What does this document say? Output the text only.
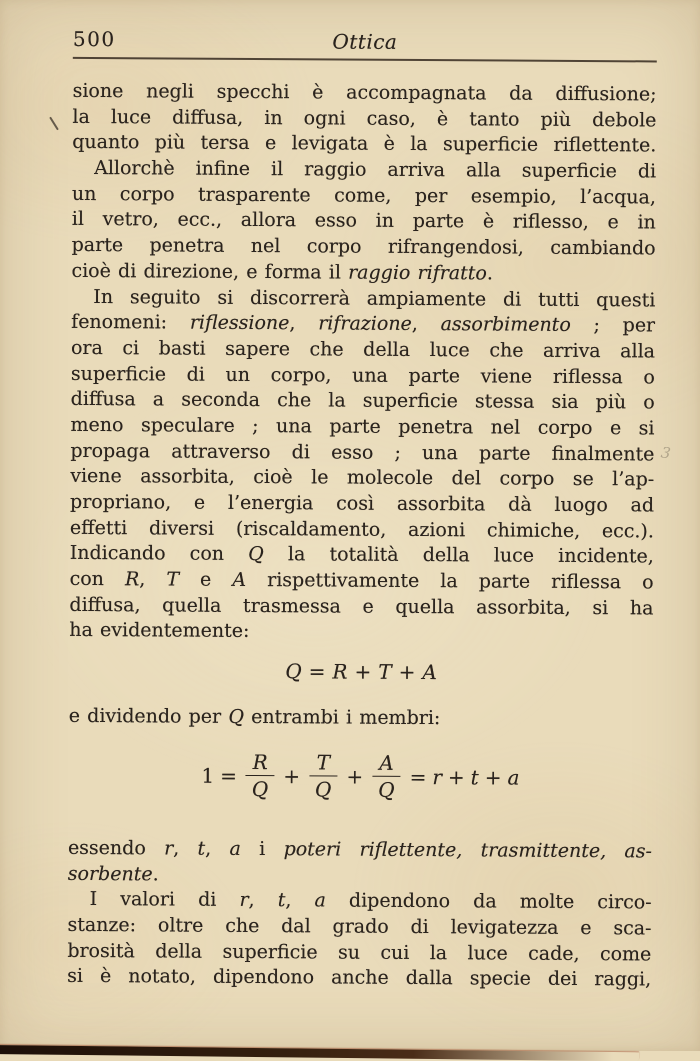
500	Ottica
sione negli specchi è accompagnata da diffusione;
la luce diffusa, in ogni caso, è tanto più debole
quanto più tersa e levigata è la superficie riflettente.
Allorchè infine il raggio arriva alla superficie di
un corpo trasparente come, per esempio, l’acqua,
il vetro, ecc., allora esso in parte è riflesso, e in
parte penetra nel corpo rifrangendosi, cambiando
cioè di direzione, e forma il raggio rifratto.
In seguito si discorrerà ampiamente di tutti questi
fenomeni: riflessione, rifrazione, assorbimento ; per
ora ci basti sapere che della luce che arriva alla
superficie di un corpo, una parte viene riflessa o
diffusa a seconda che la superficie stessa sia più o
meno speculare ; una parte penetra nel corpo e si
propaga attraverso di esso ; una parte finalmente
viene assorbita, cioè le molecole del corpo se l’ap-
propriano, e l’energia così assorbita dà luogo ad
effetti diversi (riscaldamento, azioni chimiche, ecc.).
Indicando con Q la totalità della luce incidente,
con R, T e A rispettivamente la parte riflessa o
diffusa, quella trasmessa e quella assorbita, si ha
ha evidentemente:
Q = R + T + A
e dividendo per Q entrambi i membri:
$1 = \frac{R}{Q} + \frac{T}{Q} + \frac{A}{Q} = r + t + a$
essendo r, t, a i poteri riflettente, trasmittente, as-
sorbente.
I valori di r, t, a dipendono da molte circo-
stanze: oltre che dal grado di levigatezza e sca-
brosità della superficie su cui la luce cade, come
si è notato, dipendono anche dalla specie dei raggi,
3
